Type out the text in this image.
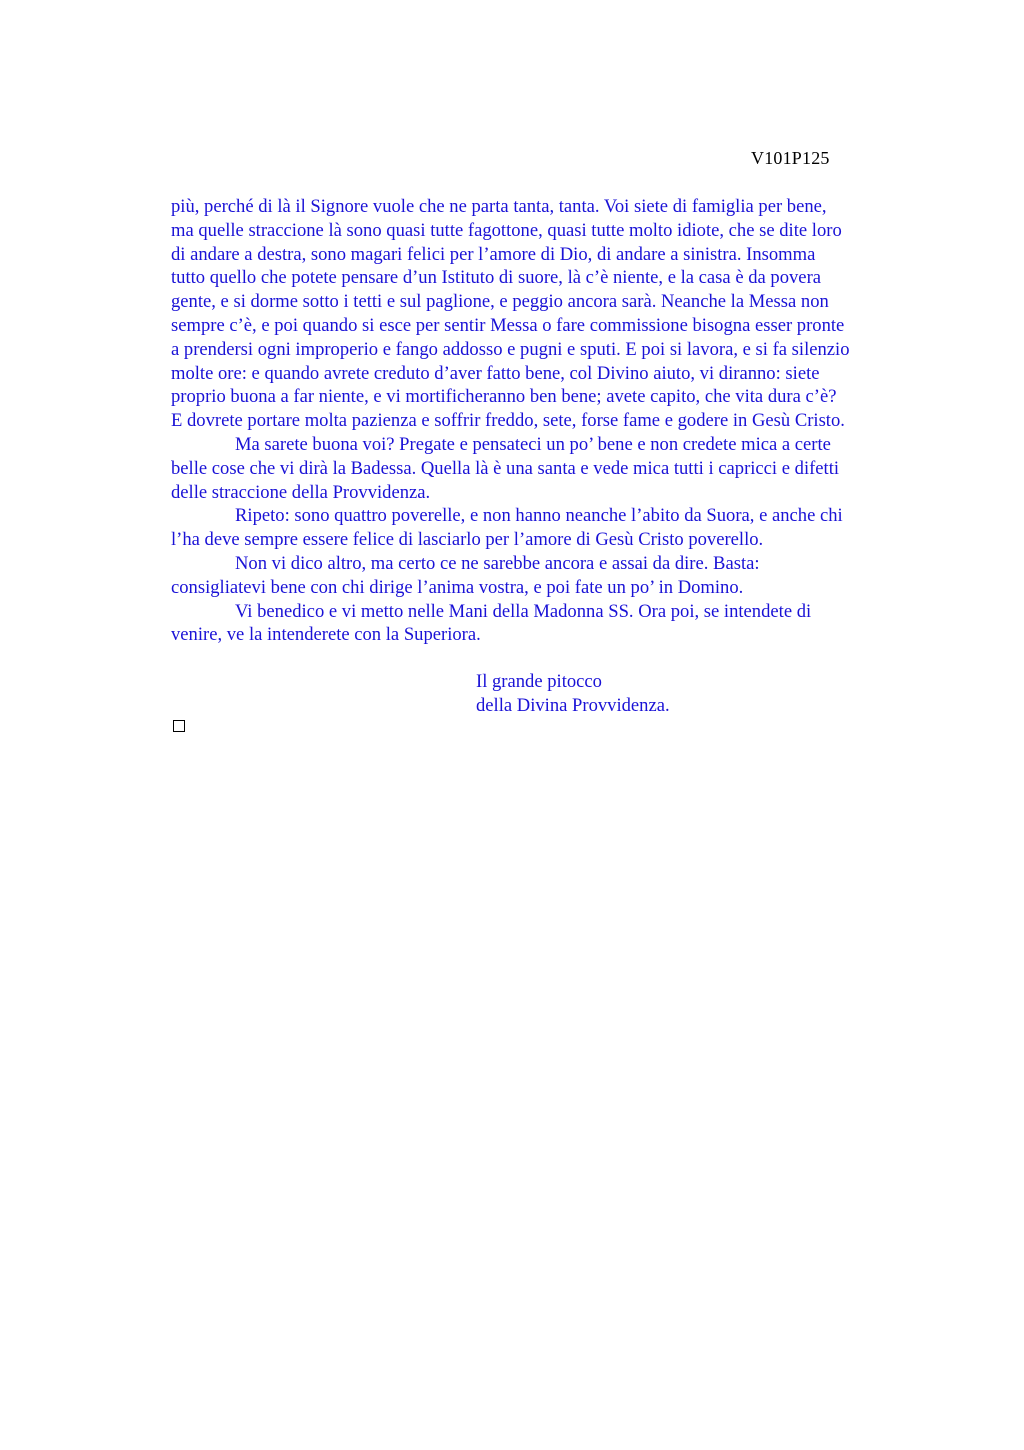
V101P125
più, perché di là il Signore vuole che ne parta tanta, tanta. Voi siete di famiglia per bene,
ma quelle straccione là sono quasi tutte fagottone, quasi tutte molto idiote, che se dite loro
di andare a destra, sono magari felici per l’amore di Dio, di andare a sinistra. Insomma
tutto quello che potete pensare d’un Istituto di suore, là c’è niente, e la casa è da povera
gente, e si dorme sotto i tetti e sul paglione, e peggio ancora sarà. Neanche la Messa non
sempre c’è, e poi quando si esce per sentir Messa o fare commissione bisogna esser pronte
a prendersi ogni improperio e fango addosso e pugni e sputi. E poi si lavora, e si fa silenzio
molte ore: e quando avrete creduto d’aver fatto bene, col Divino aiuto, vi diranno: siete
proprio buona a far niente, e vi mortificheranno ben bene; avete capito, che vita dura c’è?
E dovrete portare molta pazienza e soffrir freddo, sete, forse fame e godere in Gesù Cristo.
Ma sarete buona voi? Pregate e pensateci un po’ bene e non credete mica a certe
belle cose che vi dirà la Badessa. Quella là è una santa e vede mica tutti i capricci e difetti
delle straccione della Provvidenza.
Ripeto: sono quattro poverelle, e non hanno neanche l’abito da Suora, e anche chi
l’ha deve sempre essere felice di lasciarlo per l’amore di Gesù Cristo poverello.
Non vi dico altro, ma certo ce ne sarebbe ancora e assai da dire. Basta:
consigliatevi bene con chi dirige l’anima vostra, e poi fate un po’ in Domino.
Vi benedico e vi metto nelle Mani della Madonna SS. Ora poi, se intendete di
venire, ve la intenderete con la Superiora.
Il grande pitocco
della Divina Provvidenza.
